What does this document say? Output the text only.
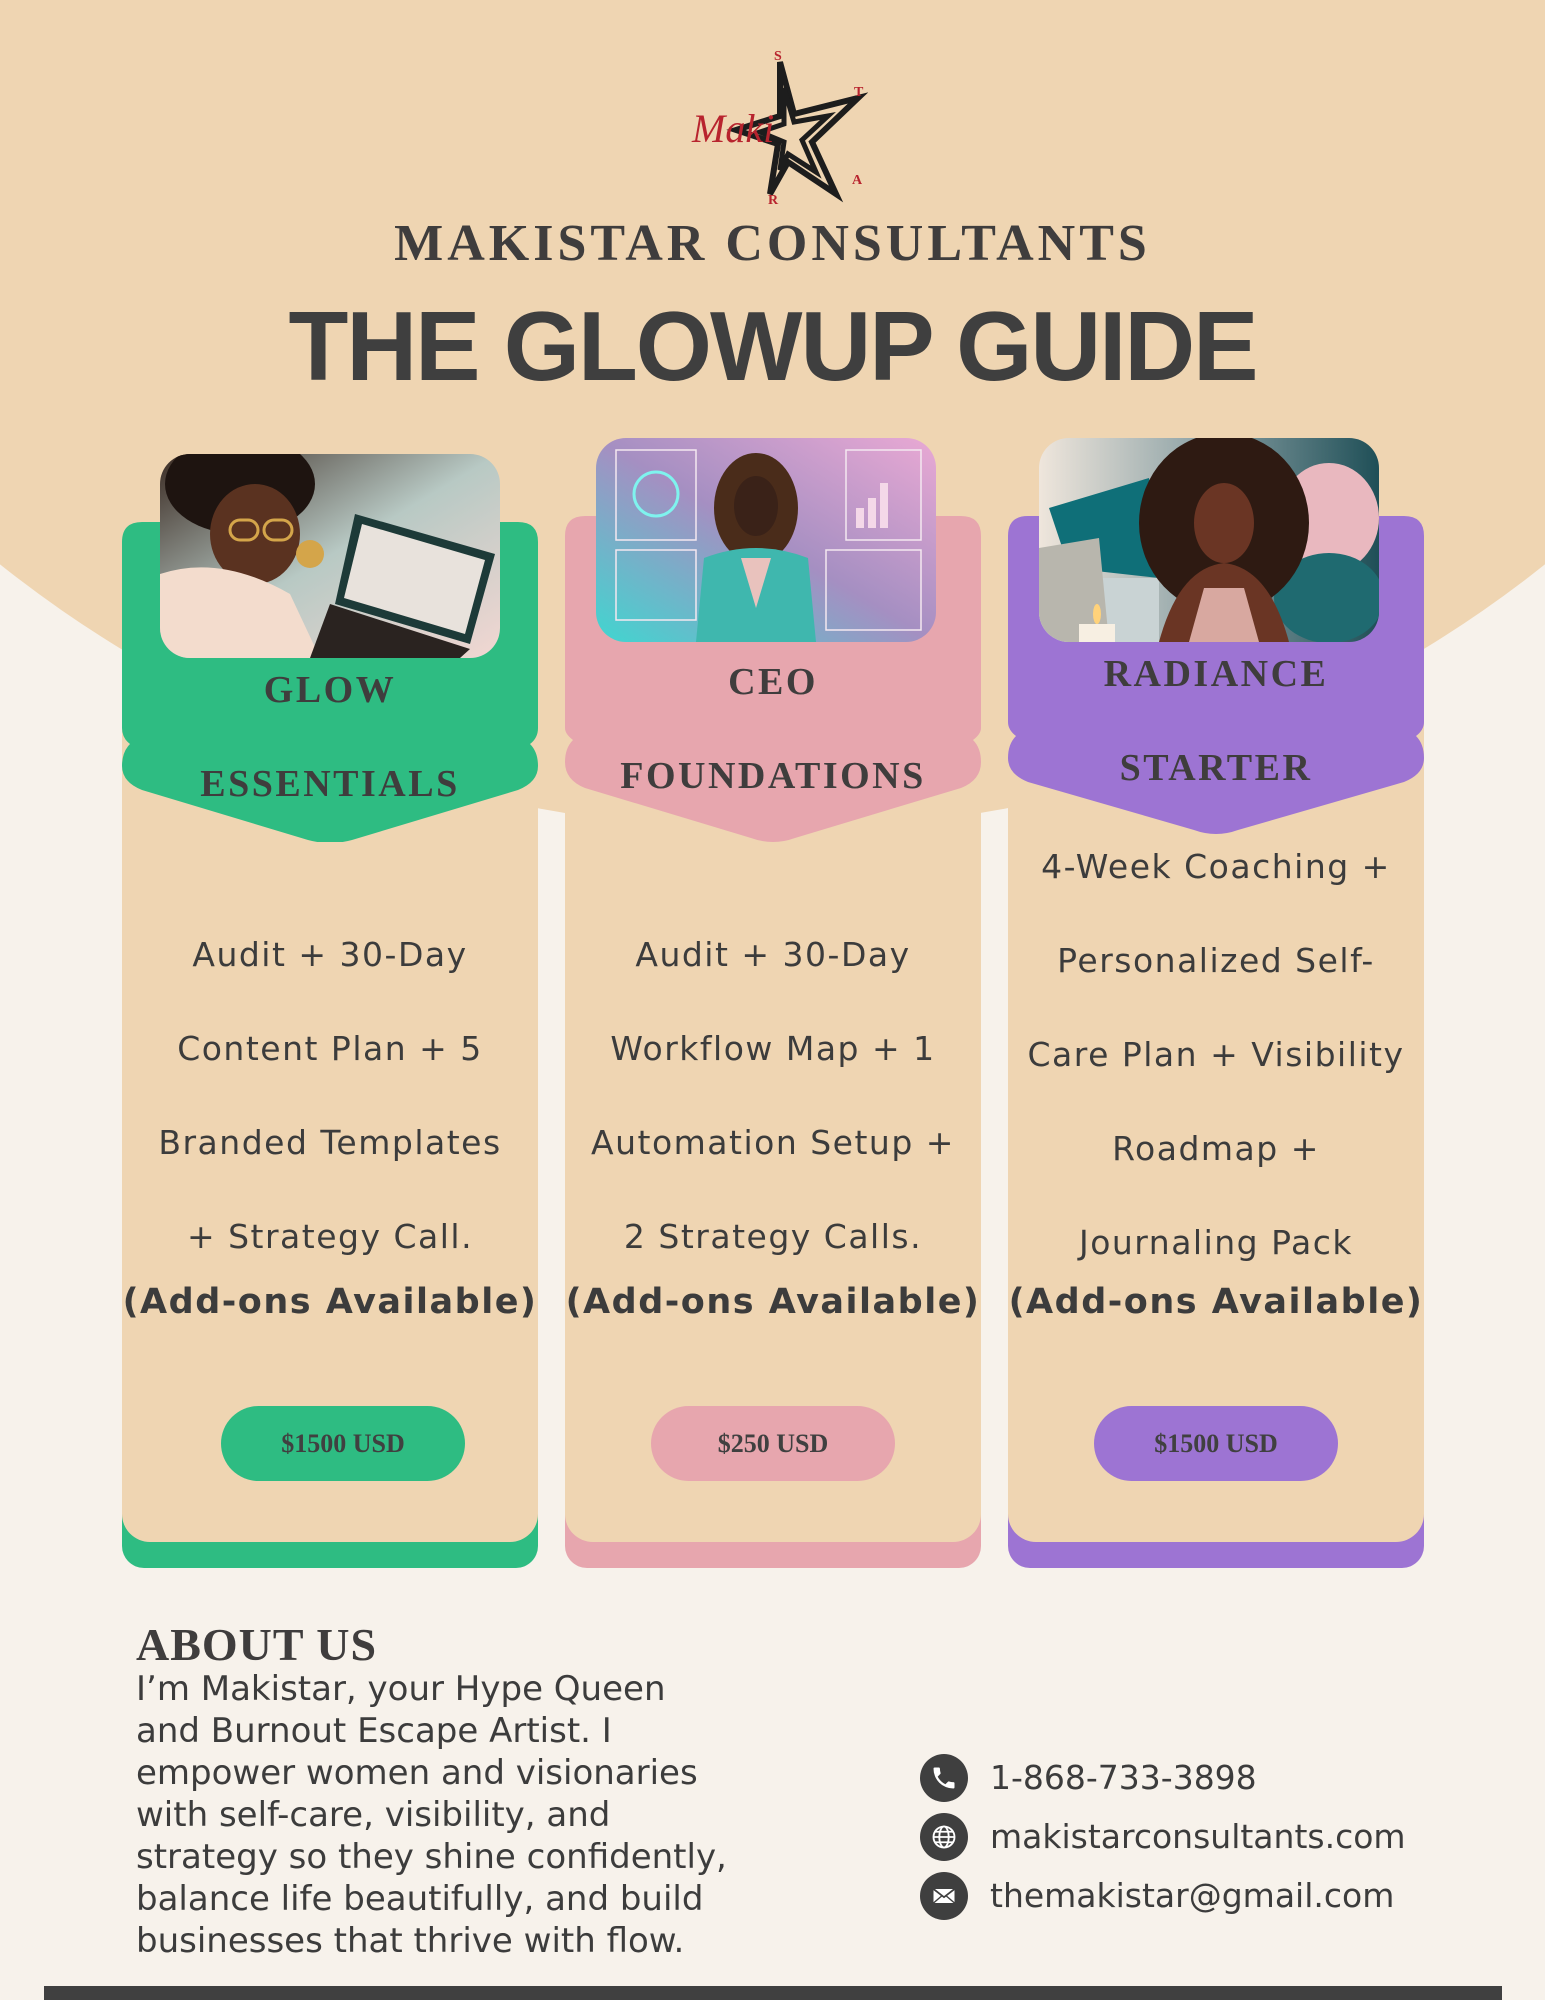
Maki
S
T
A
R
MAKISTAR CONSULTANTS
THE GLOWUP GUIDE
GLOW
ESSENTIALS
Audit + 30-Day
Content Plan + 5
Branded Templates
+ Strategy Call.
(Add-ons Available)
$1500 USD
CEO
FOUNDATIONS
Audit + 30-Day
Workflow Map + 1
Automation Setup +
2 Strategy Calls.
(Add-ons Available)
$250 USD
RADIANCE
STARTER
4-Week Coaching +
Personalized Self-
Care Plan + Visibility
Roadmap +
Journaling Pack
(Add-ons Available)
$1500 USD
ABOUT US
I’m Makistar, your Hype Queen
and Burnout Escape Artist. I
empower women and visionaries
with self-care, visibility, and
strategy so they shine confidently,
balance life beautifully, and build
businesses that thrive with flow.
1-868-733-3898
makistarconsultants.com
themakistar@gmail.com
